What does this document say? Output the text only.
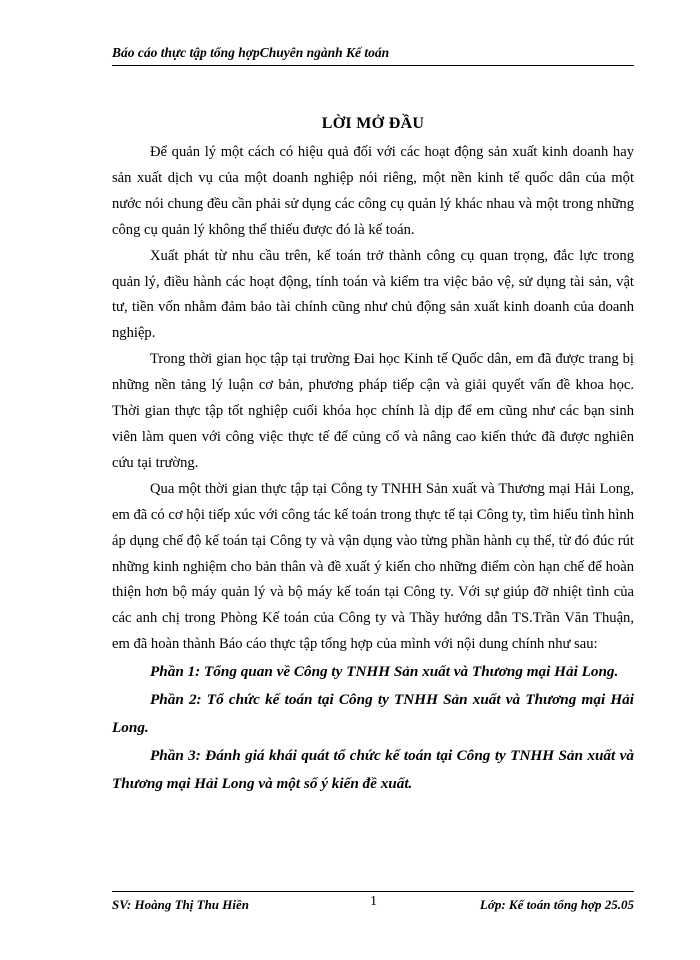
Báo cáo thực tập tổng hợpChuyên ngành Kế toán
LỜI MỞ ĐẦU

Để quản lý một cách có hiệu quả đối với các hoạt động sản xuất kinh doanh hay sản xuất dịch vụ của một doanh nghiệp nói riêng, một nền kinh tế quốc dân của một nước nói chung đều cần phải sử dụng các công cụ quản lý khác nhau và một trong những công cụ quản lý không thể thiếu được đó là kế toán.

Xuất phát từ nhu cầu trên, kế toán trở thành công cụ quan trọng, đắc lực trong quản lý, điều hành các hoạt động, tính toán và kiểm tra việc bảo vệ, sử dụng tài sản, vật tư, tiền vốn nhằm đảm bảo tài chính cũng như chủ động sản xuất kinh doanh của doanh nghiệp.

Trong thời gian học tập tại trường Đai học Kinh tế Quốc dân, em đã được trang bị những nền tảng lý luận cơ bản, phương pháp tiếp cận và giải quyết vấn đề khoa học. Thời gian thực tập tốt nghiệp cuối khóa học chính là dịp để em cũng như các bạn sinh viên làm quen với công việc thực tế để củng cố và nâng cao kiến thức đã được nghiên cứu tại trường.

Qua một thời gian thực tập tại Công ty TNHH Sản xuất và Thương mại Hải Long, em đã có cơ hội tiếp xúc với công tác kế toán trong thực tế tại Công ty, tìm hiểu tình hình áp dụng chế độ kế toán tại Công ty và vận dụng vào từng phần hành cụ thể, từ đó đúc rút những kinh nghiệm cho bản thân và đề xuất ý kiến cho những điểm còn hạn chế để hoàn thiện hơn bộ máy quản lý và bộ máy kế toán tại Công ty. Với sự giúp đỡ nhiệt tình của các anh chị trong Phòng Kế toán của Công ty và Thầy hướng dẫn TS.Trần Văn Thuận, em đã hoàn thành Báo cáo thực tập tổng hợp của mình với nội dung chính như sau:

Phần 1: Tổng quan về Công ty TNHH Sản xuất và Thương mại Hải Long.

Phần 2: Tổ chức kế toán tại Công ty TNHH Sản xuất và Thương mại Hải Long.

Phần 3: Đánh giá khái quát tổ chức kế toán tại Công ty TNHH Sản xuất và Thương mại Hải Long và một số ý kiến đề xuất.

SV: Hoàng Thị Thu Hiền	1	Lớp: Kế toán tổng hợp 25.05
